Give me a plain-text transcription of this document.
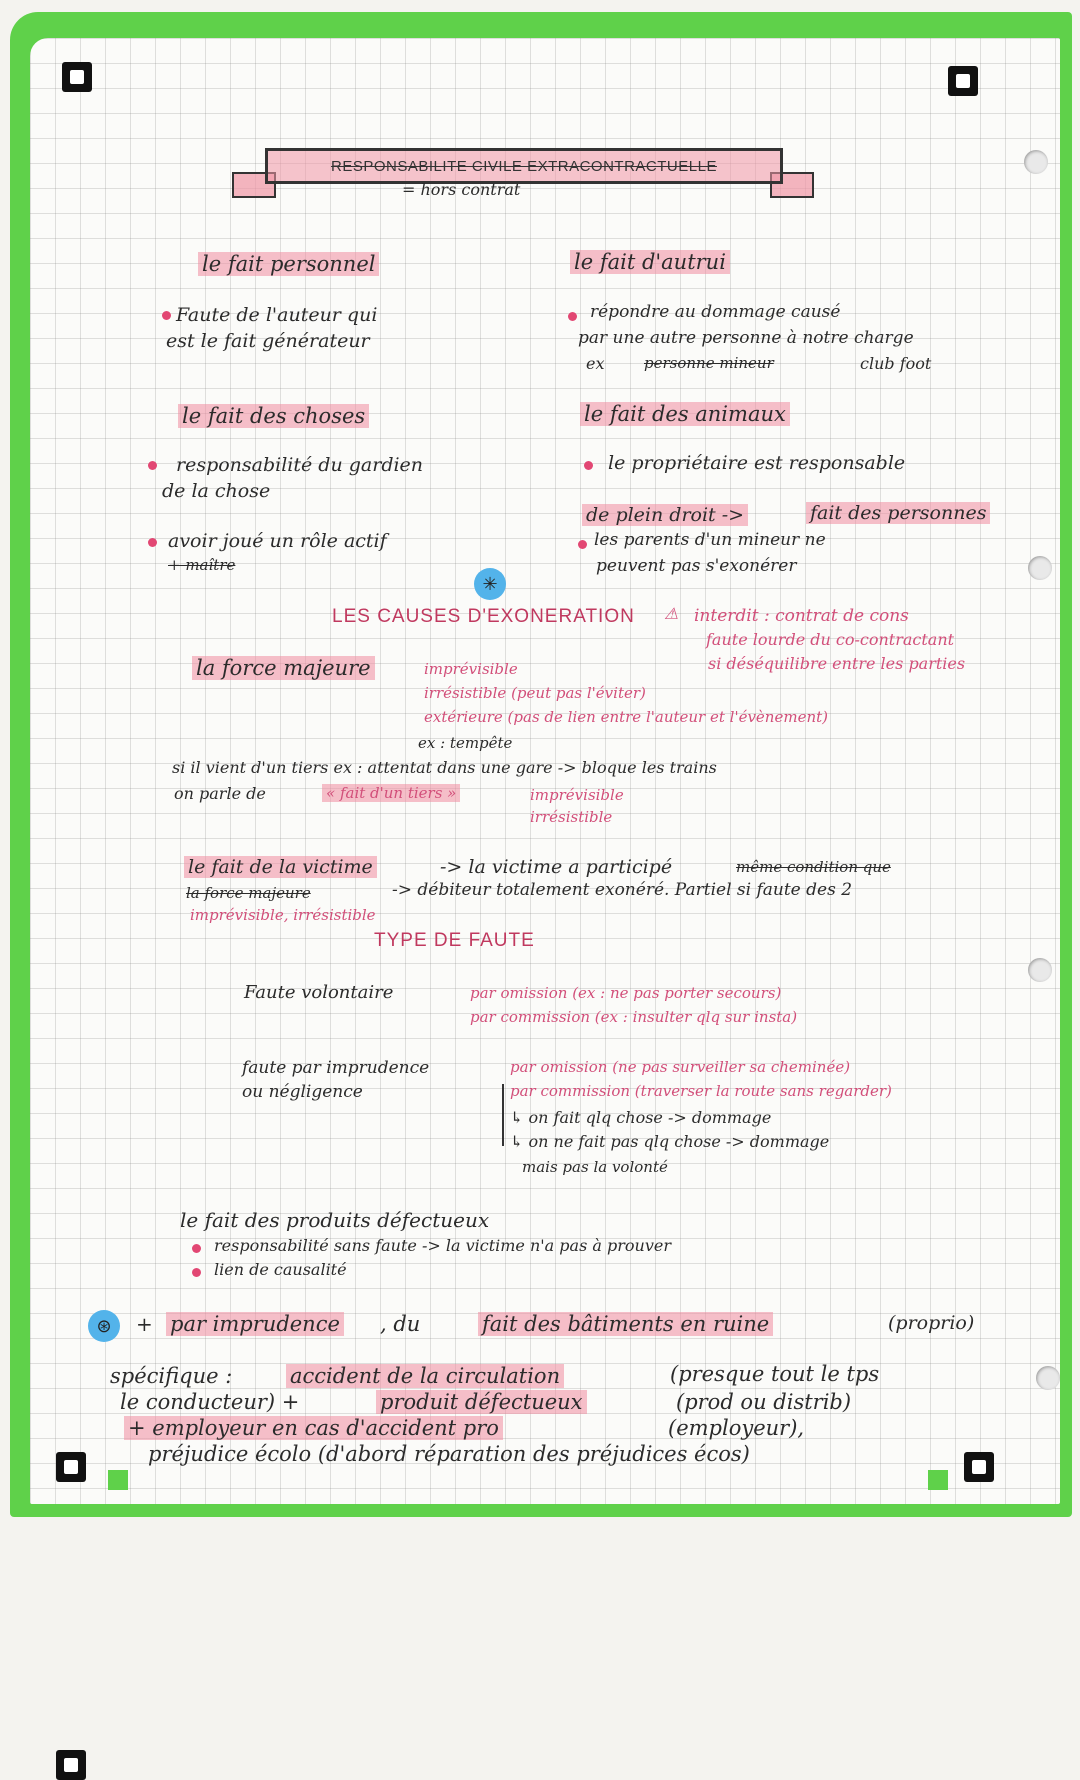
RESPONSABILITE CIVILE EXTRACONTRACTUELLE
= hors contrat
le fait personnel
Faute de l'auteur qui
est le fait générateur
le fait des choses
responsabilité du gardien
de la chose
avoir joué un rôle actif
+ maître
le fait d'autrui
répondre au dommage causé
par une autre personne à notre charge
ex	personne mineur	club foot
le fait des animaux
le propriétaire est responsable
de plein droit ->	fait des personnes
les parents d'un mineur ne
peuvent pas s'exonérer
✳
LES CAUSES D'EXONERATION ⚠ interdit : contrat de cons
faute lourde du co-contractant
si déséquilibre entre les parties
la force majeure	imprévisible
irrésistible (peut pas l'éviter)
extérieure (pas de lien entre l'auteur et l'évènement)
ex : tempête
si il vient d'un tiers ex : attentat dans une gare -> bloque les trains
on parle de	« fait d'un tiers »	imprévisible
irrésistible
le fait de la victime	-> la victime a participé	même condition que
la force majeure	-> débiteur totalement exonéré. Partiel si faute des 2
imprévisible, irrésistible
TYPE DE FAUTE
Faute volontaire	par omission (ex : ne pas porter secours)
par commission (ex : insulter qlq sur insta)
faute par imprudence
ou négligence
par omission (ne pas surveiller sa cheminée)
par commission (traverser la route sans regarder)
↳ on fait qlq chose -> dommage
↳ on ne fait pas qlq chose -> dommage
mais pas la volonté
le fait des produits défectueux
responsabilité sans faute -> la victime n'a pas à prouver
lien de causalité
⊛	+ par imprudence , du	fait des bâtiments en ruine	(proprio)
spécifique :	accident de la circulation	(presque tout le tps
le conducteur) +	produit défectueux	(prod ou distrib)
+ employeur en cas d'accident pro	(employeur),
préjudice écolo (d'abord réparation des préjudices écos)
